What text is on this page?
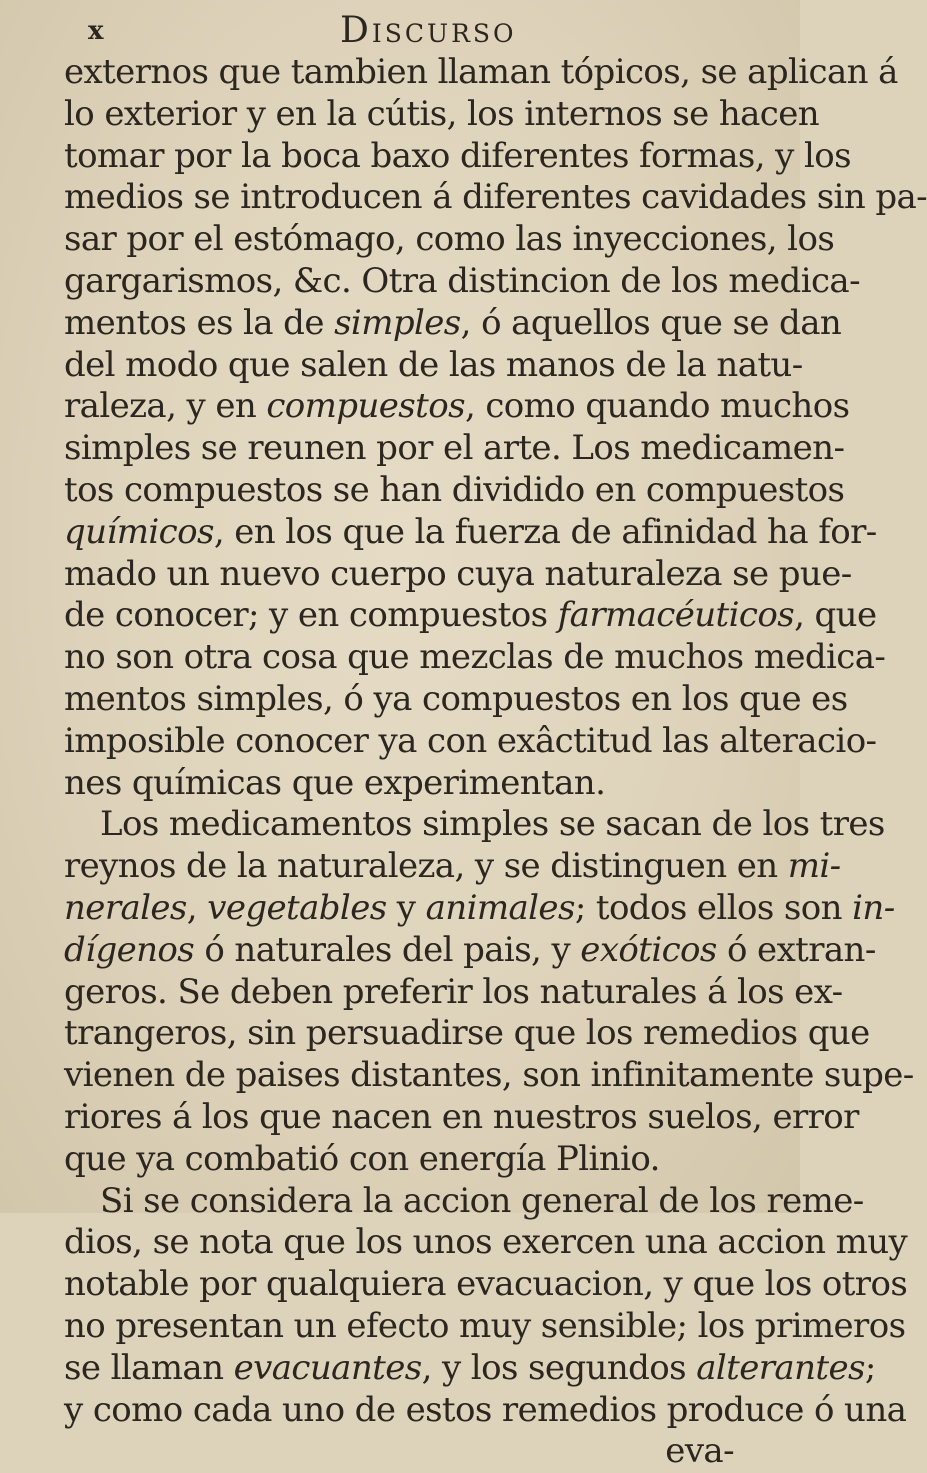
x	Discurso
externos que tambien llaman tópicos, se aplican á
lo exterior y en la cútis, los internos se hacen
tomar por la boca baxo diferentes formas, y los
medios se introducen á diferentes cavidades sin pa-
sar por el estómago, como las inyecciones, los
gargarismos, &c. Otra distincion de los medica-
mentos es la de simples, ó aquellos que se dan
del modo que salen de las manos de la natu-
raleza, y en compuestos, como quando muchos
simples se reunen por el arte. Los medicamen-
tos compuestos se han dividido en compuestos
químicos, en los que la fuerza de afinidad ha for-
mado un nuevo cuerpo cuya naturaleza se pue-
de conocer; y en compuestos farmacéuticos, que
no son otra cosa que mezclas de muchos medica-
mentos simples, ó ya compuestos en los que es
imposible conocer ya con exâctitud las alteracio-
nes químicas que experimentan.
Los medicamentos simples se sacan de los tres
reynos de la naturaleza, y se distinguen en mi-
nerales, vegetables y animales; todos ellos son in-
dígenos ó naturales del pais, y exóticos ó extran-
geros. Se deben preferir los naturales á los ex-
trangeros, sin persuadirse que los remedios que
vienen de paises distantes, son infinitamente supe-
riores á los que nacen en nuestros suelos, error
que ya combatió con energía Plinio.
Si se considera la accion general de los reme-
dios, se nota que los unos exercen una accion muy
notable por qualquiera evacuacion, y que los otros
no presentan un efecto muy sensible; los primeros
se llaman evacuantes, y los segundos alterantes;
y como cada uno de estos remedios produce ó una
eva-
